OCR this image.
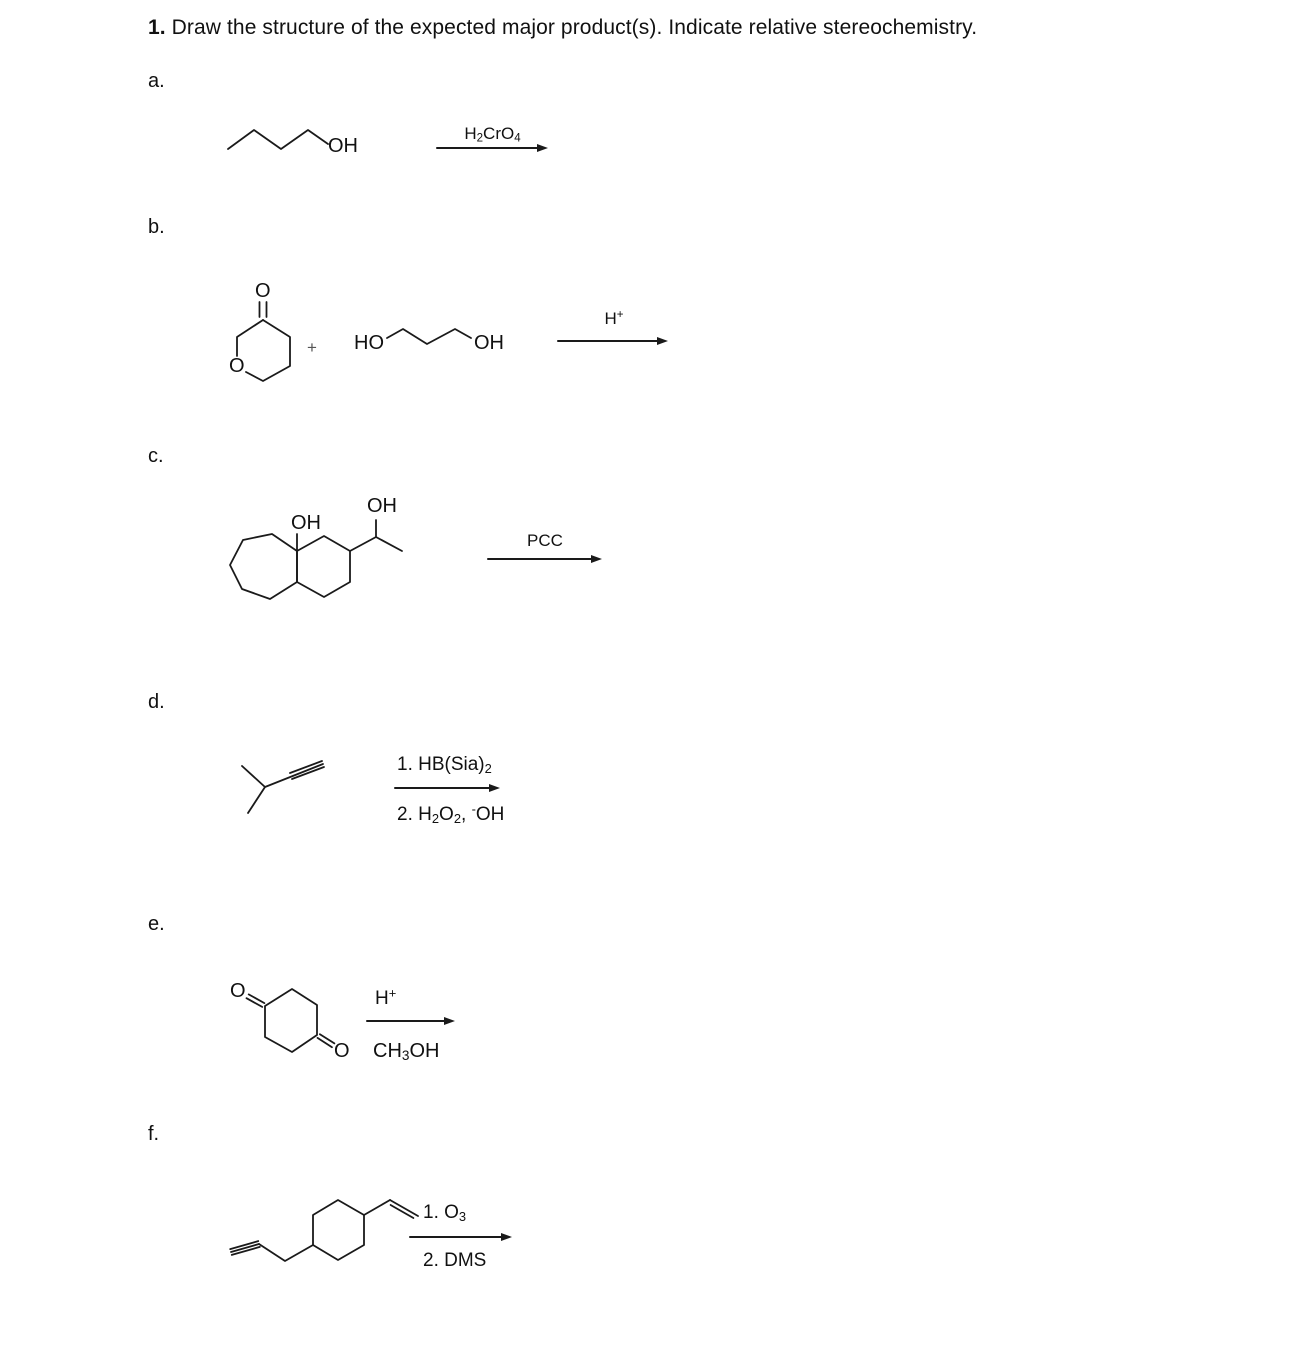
1. Draw the structure of the expected major product(s). Indicate relative stereochemistry.
a.
b.
c.
d.
e.
f.
OH
$H_2CrO_4$
O
O
+ HO	OH
H+
OH
OH
PCC
1. $HB(Sia)_2$
2. $H_2O_2$, -OH
O
O
H+
$CH_3OH$
1. $O_3$
2. DMS
